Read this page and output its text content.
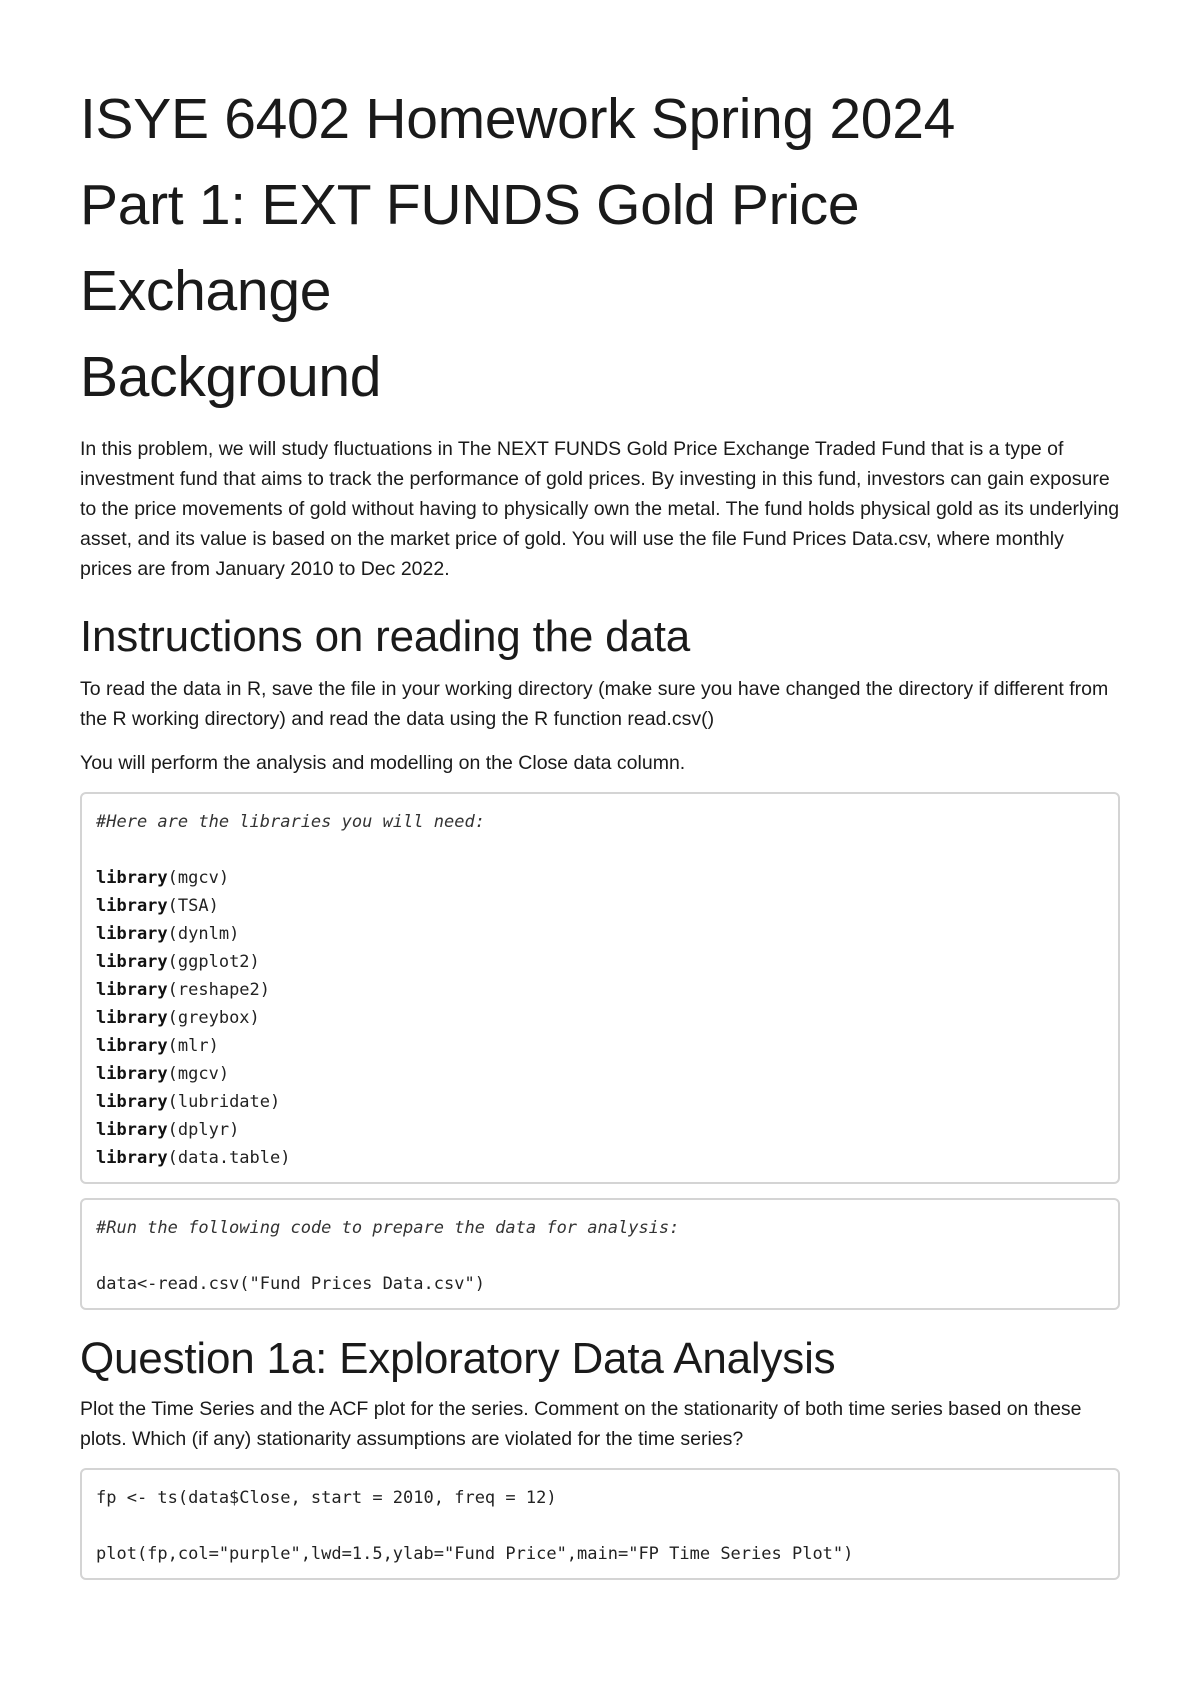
ISYE 6402 Homework Spring 2024
Part 1: EXT FUNDS Gold Price Exchange
Background

In this problem, we will study fluctuations in The NEXT FUNDS Gold Price Exchange Traded Fund that is a type of investment fund that aims to track the performance of gold prices. By investing in this fund, investors can gain exposure to the price movements of gold without having to physically own the metal. The fund holds physical gold as its underlying asset, and its value is based on the market price of gold. You will use the file Fund Prices Data.csv, where monthly prices are from January 2010 to Dec 2022.

Instructions on reading the data

To read the data in R, save the file in your working directory (make sure you have changed the directory if different from the R working directory) and read the data using the R function read.csv()

You will perform the analysis and modelling on the Close data column.

#Here are the libraries you will need:
library(mgcv)
library(TSA)
library(dynlm)
library(ggplot2)
library(reshape2)
library(greybox)
library(mlr)
library(mgcv)
library(lubridate)
library(dplyr)
library(data.table)
#Run the following code to prepare the data for analysis:
data<-read.csv("Fund Prices Data.csv")
Question 1a: Exploratory Data Analysis

Plot the Time Series and the ACF plot for the series. Comment on the stationarity of both time series based on these plots. Which (if any) stationarity assumptions are violated for the time series?

fp <- ts(data$Close, start = 2010, freq = 12)
plot(fp,col="purple",lwd=1.5,ylab="Fund Price",main="FP Time Series Plot")
